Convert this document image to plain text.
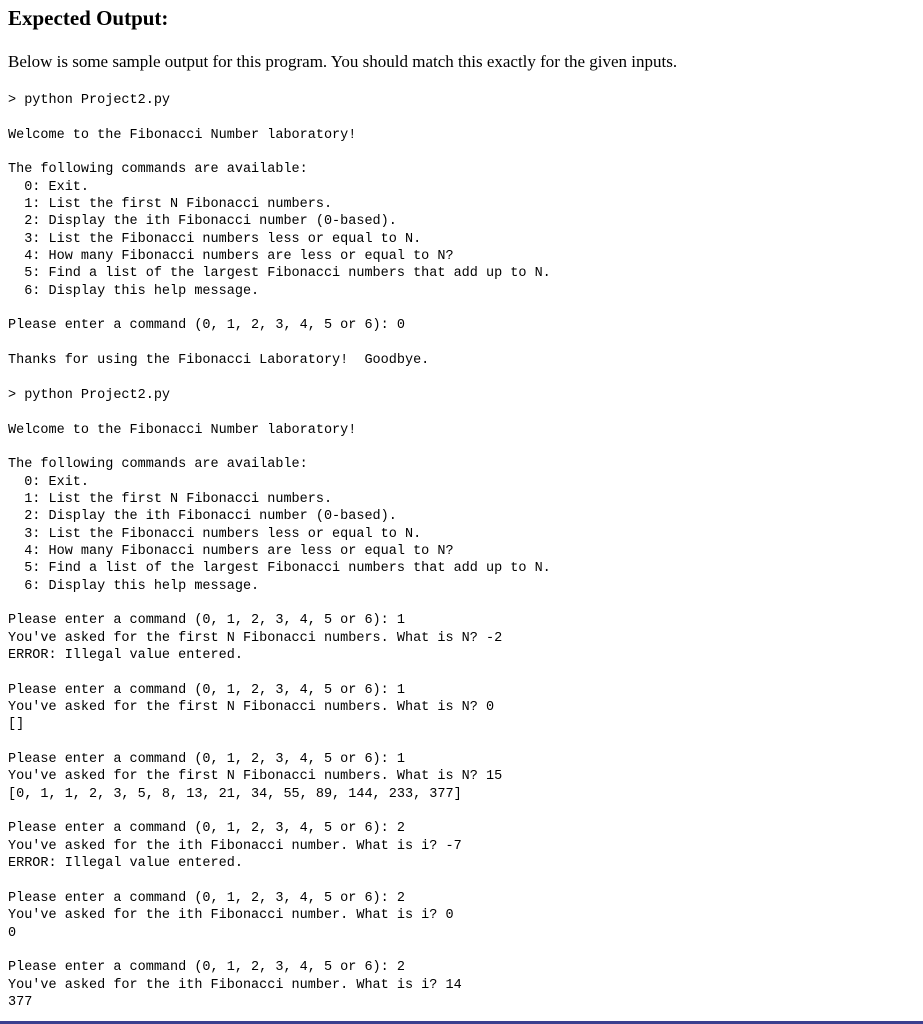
Expected Output:

Below is some sample output for this program. You should match this exactly for the given inputs.

> python Project2.py

Welcome to the Fibonacci Number laboratory!

The following commands are available:
0: Exit.
1: List the first N Fibonacci numbers.
2: Display the ith Fibonacci number (0-based).
3: List the Fibonacci numbers less or equal to N.
4: How many Fibonacci numbers are less or equal to N?
5: Find a list of the largest Fibonacci numbers that add up to N.
6: Display this help message.

Please enter a command (0, 1, 2, 3, 4, 5 or 6): 0

Thanks for using the Fibonacci Laboratory!  Goodbye.

> python Project2.py

Welcome to the Fibonacci Number laboratory!

The following commands are available:
0: Exit.
1: List the first N Fibonacci numbers.
2: Display the ith Fibonacci number (0-based).
3: List the Fibonacci numbers less or equal to N.
4: How many Fibonacci numbers are less or equal to N?
5: Find a list of the largest Fibonacci numbers that add up to N.
6: Display this help message.

Please enter a command (0, 1, 2, 3, 4, 5 or 6): 1
You've asked for the first N Fibonacci numbers. What is N? -2
ERROR: Illegal value entered.

Please enter a command (0, 1, 2, 3, 4, 5 or 6): 1
You've asked for the first N Fibonacci numbers. What is N? 0
[]

Please enter a command (0, 1, 2, 3, 4, 5 or 6): 1
You've asked for the first N Fibonacci numbers. What is N? 15
[0, 1, 1, 2, 3, 5, 8, 13, 21, 34, 55, 89, 144, 233, 377]

Please enter a command (0, 1, 2, 3, 4, 5 or 6): 2
You've asked for the ith Fibonacci number. What is i? -7
ERROR: Illegal value entered.

Please enter a command (0, 1, 2, 3, 4, 5 or 6): 2
You've asked for the ith Fibonacci number. What is i? 0
0

Please enter a command (0, 1, 2, 3, 4, 5 or 6): 2
You've asked for the ith Fibonacci number. What is i? 14
377
